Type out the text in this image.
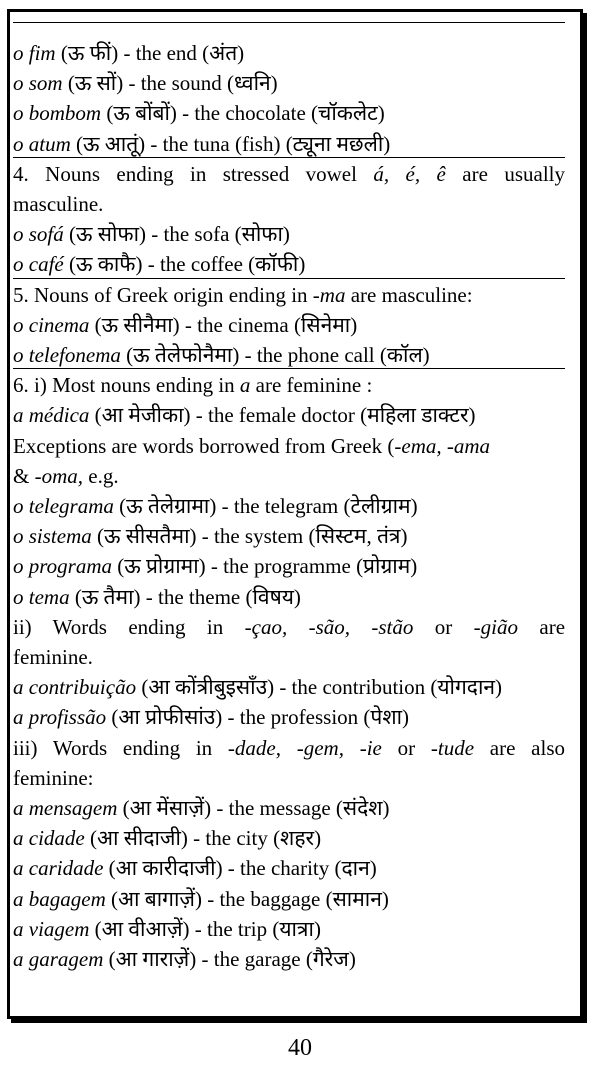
o fim (ऊ फीं) - the end (अंत)
o som (ऊ सों) - the sound (ध्वनि)
o bombom (ऊ बोंबों) - the chocolate (चॉकलेट)
o atum (ऊ आतूं) - the tuna (fish) (ट्यूना मछली)
4. Nouns ending in stressed vowel á, é, ê are usually
masculine.
o sofá (ऊ सोफा) - the sofa (सोफा)
o café (ऊ काफै) - the coffee (कॉफी)
5. Nouns of Greek origin ending in -ma are masculine:
o cinema (ऊ सीनैमा) - the cinema (सिनेमा)
o telefonema (ऊ तेलेफोनैमा) - the phone call (कॉल)
6. i) Most nouns ending in a are feminine :
a médica (आ मेजीका) - the female doctor (महिला डाक्टर)
Exceptions are words borrowed from Greek (-ema, -ama
& -oma, e.g.
o telegrama (ऊ तेलेग्रामा) - the telegram (टेलीग्राम)
o sistema (ऊ सीसतैमा) - the system (सिस्टम, तंत्र)
o programa (ऊ प्रोग्रामा) - the programme (प्रोग्राम)
o tema (ऊ तैमा) - the theme (विषय)
ii) Words ending in -çao, -são, -stão or -gião are
feminine.
a contribuição (आ कोंत्रीबुइसाँउ) - the contribution (योगदान)
a profissão (आ प्रोफीसांउ) - the profession (पेशा)
iii) Words ending in -dade, -gem, -ie or -tude are also
feminine:
a mensagem (आ मेंसाज़ें) - the message (संदेश)
a cidade (आ सीदाजी) - the city (शहर)
a caridade (आ कारीदाजी) - the charity (दान)
a bagagem (आ बागाज़ें) - the baggage (सामान)
a viagem (आ वीआज़ें) - the trip (यात्रा)
a garagem (आ गाराज़ें) - the garage (गैरेज)
40
